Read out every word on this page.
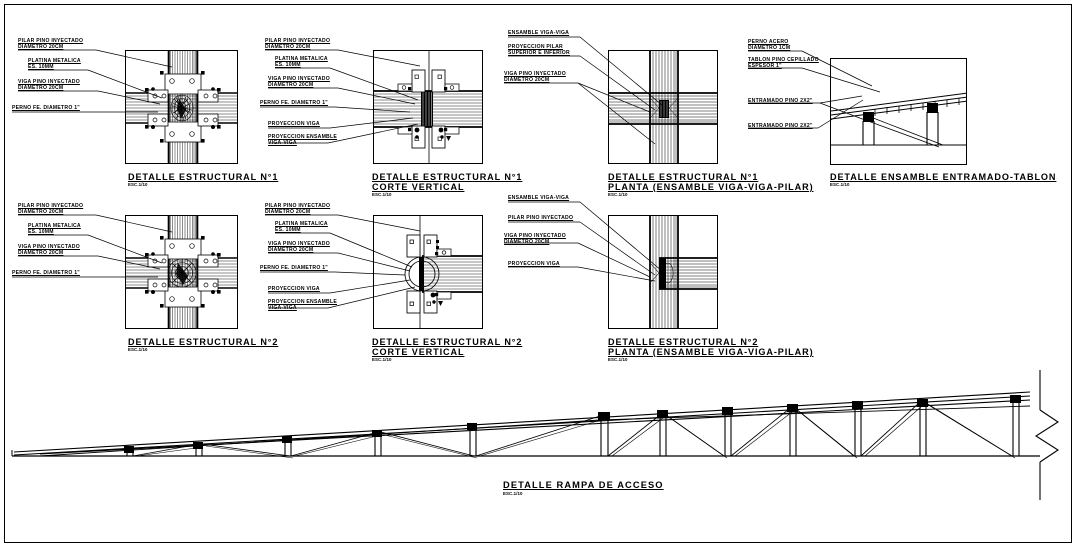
PILAR PINO INYECTADO
DIAMETRO 20CM
PLATINA METALICA
ES. 10MM
VIGA PINO INYECTADO
DIAMETRO 20CM
PERNO FE. DIAMETRO 1"
DETALLE ESTRUCTURAL N°1
ESC.1/10
PILAR PINO INYECTADO
DIAMETRO 20CM
PLATINA METALICA
ES. 10MM
VIGA PINO INYECTADO
DIAMETRO 20CM
PERNO FE. DIAMETRO 1"
PROYECCION VIGA
PROYECCION ENSAMBLE
VIGA-VIGA
DETALLE ESTRUCTURAL N°1
CORTE VERTICAL
ESC.1/10
ENSAMBLE VIGA-VIGA
PROYECCION PILAR
SUPERIOR E INFERIOR
VIGA PINO INYECTADO
DIAMETRO 20CM
DETALLE ESTRUCTURAL N°1
PLANTA (ENSAMBLE VIGA-VIGA-PILAR)
ESC.1/10
PERNO ACERO
DIAMETRO 1CM
TABLON PINO CEPILLADO
ESPESOR 1"
ENTRAMADO PINO 2X2"
ENTRAMADO PINO 2X2"
DETALLE ENSAMBLE ENTRAMADO-TABLON
ESC.1/10
PILAR PINO INYECTADO
DIAMETRO 20CM
PLATINA METALICA
ES. 10MM
VIGA PINO INYECTADO
DIAMETRO 20CM
PERNO FE. DIAMETRO 1"
DETALLE ESTRUCTURAL N°2
ESC.1/10
PILAR PINO INYECTADO
DIAMETRO 20CM
PLATINA METALICA
ES. 10MM
VIGA PINO INYECTADO
DIAMETRO 20CM
PERNO FE. DIAMETRO 1"
PROYECCION VIGA
PROYECCION ENSAMBLE
VIGA-VIGA
DETALLE ESTRUCTURAL N°2
CORTE VERTICAL
ESC.1/10
ENSAMBLE VIGA-VIGA
PILAR PINO INYECTADO
VIGA PINO INYECTADO
DIAMETRO 20CM
PROYECCION VIGA
DETALLE ESTRUCTURAL N°2
PLANTA (ENSAMBLE VIGA-VIGA-PILAR)
ESC.1/10
DETALLE RAMPA DE ACCESO
ESC.1/10
